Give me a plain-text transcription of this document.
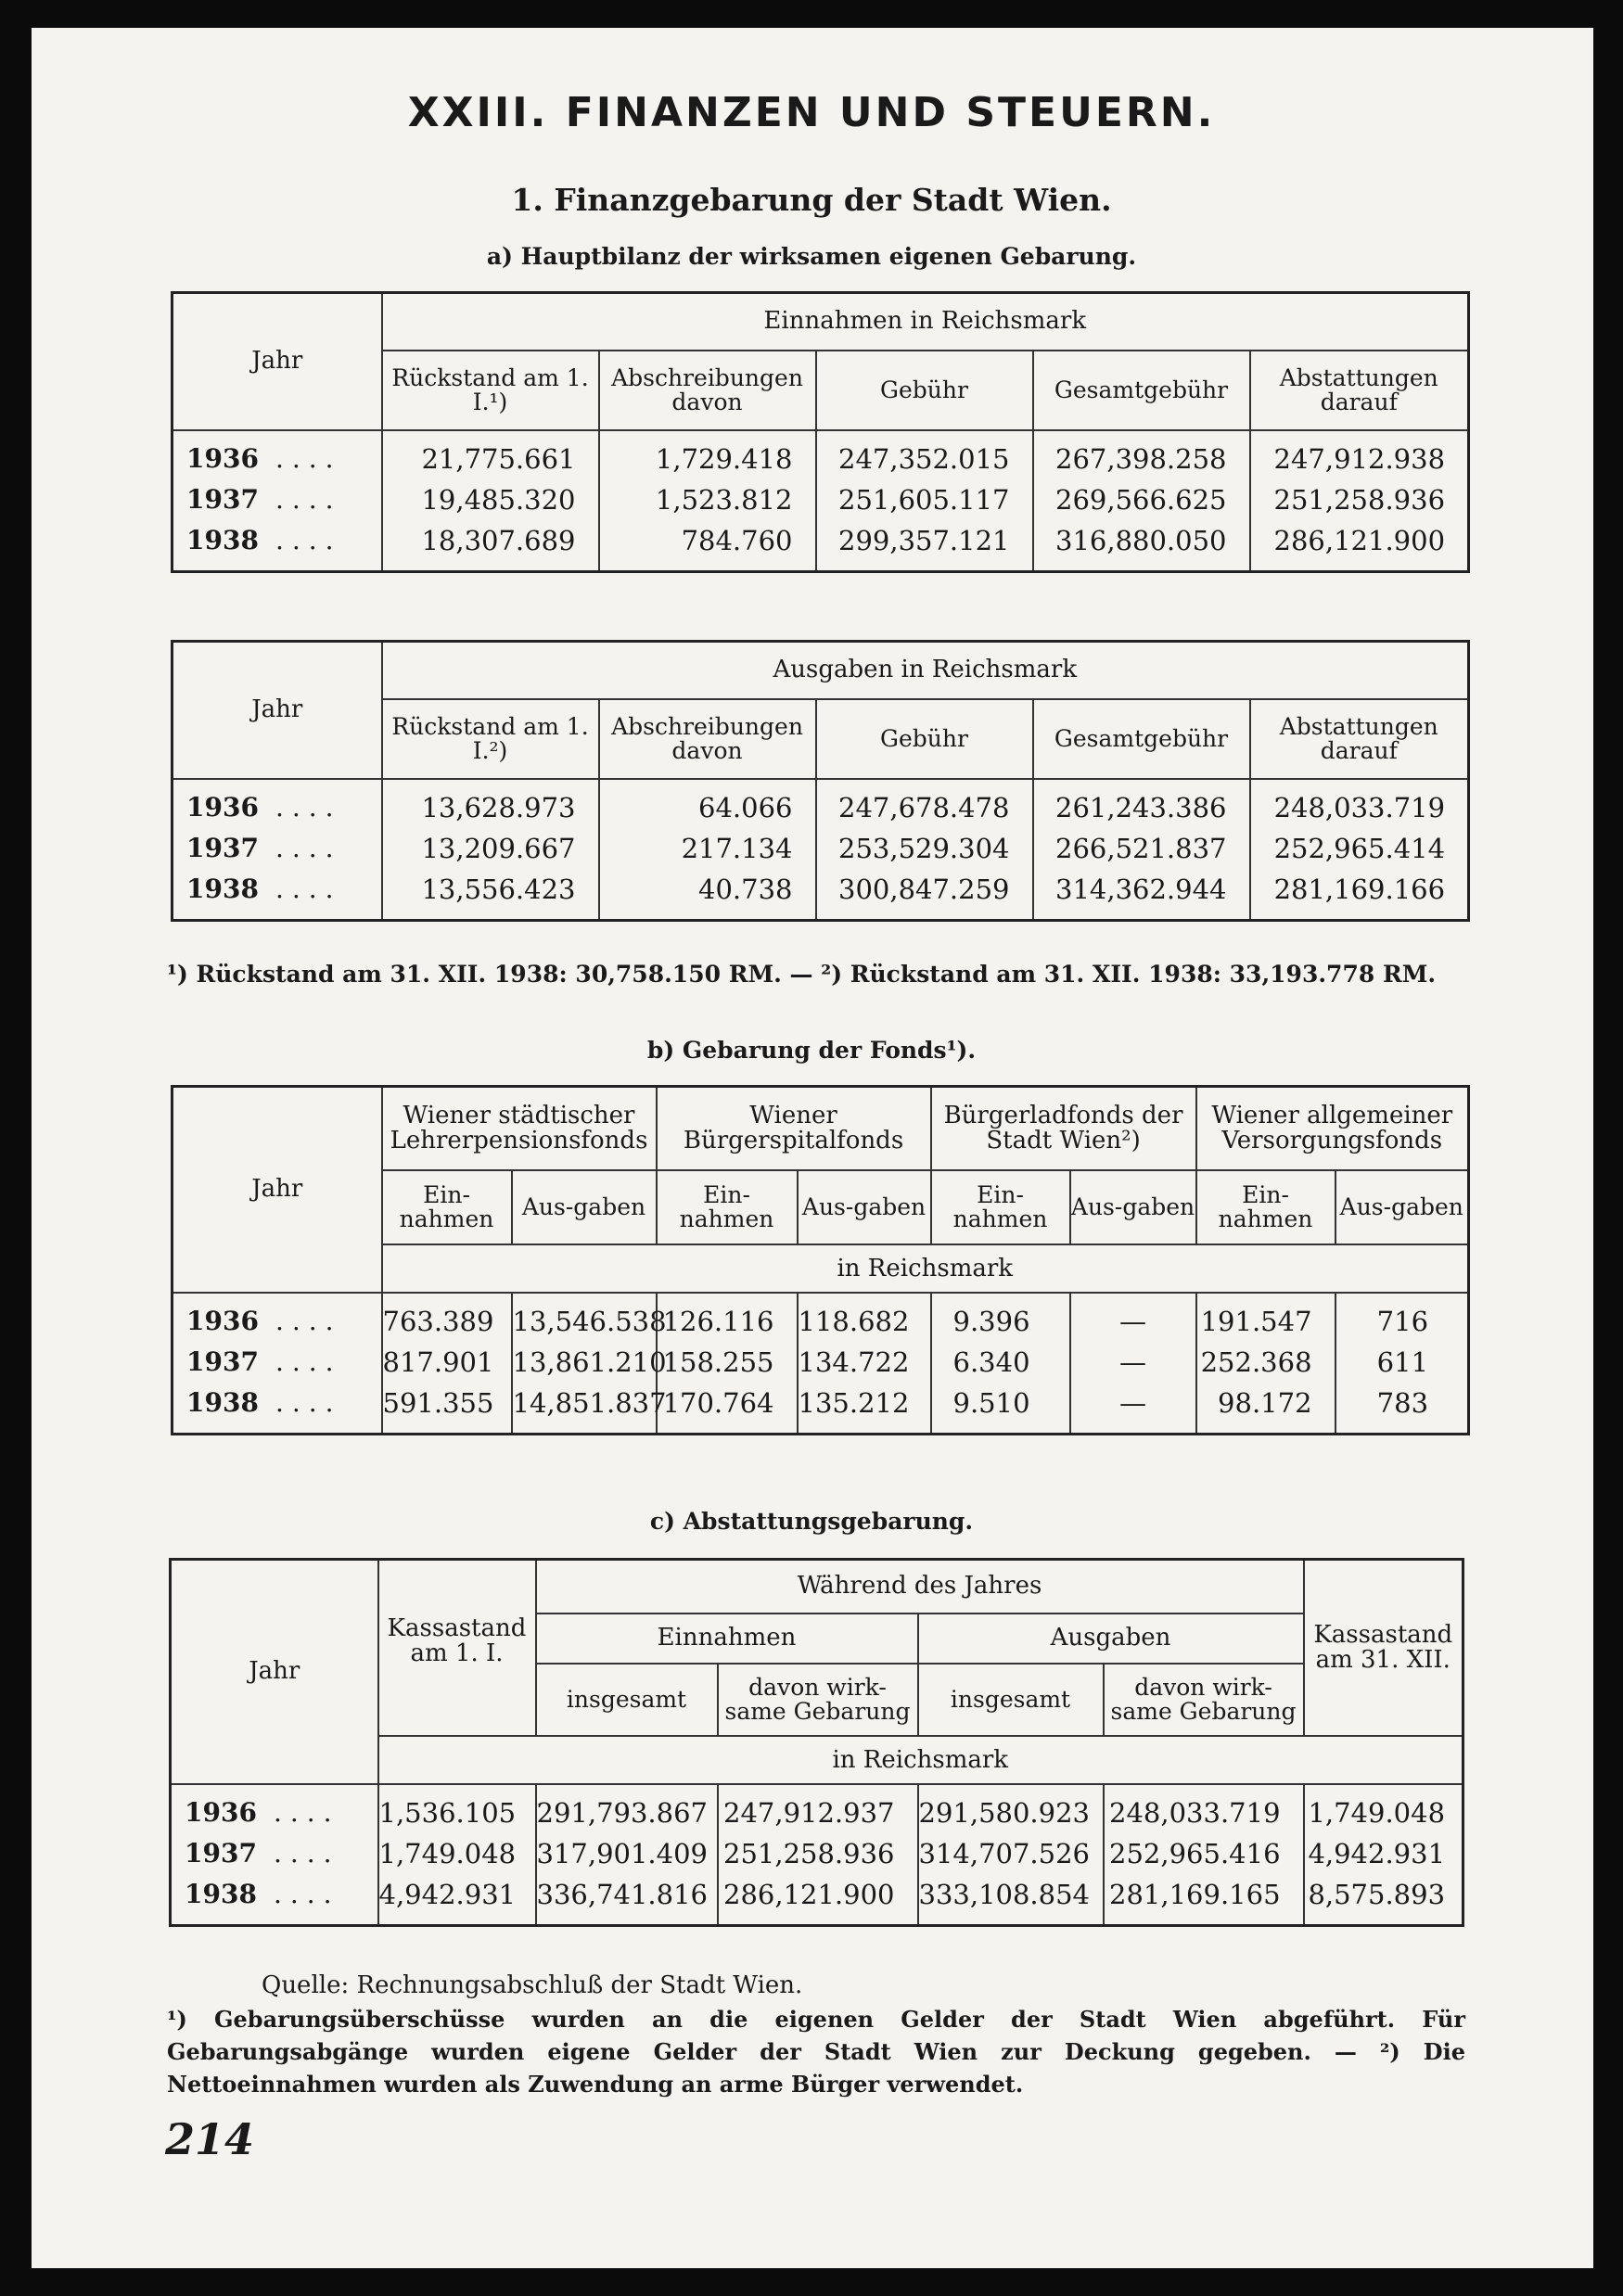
XXIII. FINANZEN UND STEUERN.
1. Finanzgebarung der Stadt Wien.
a) Hauptbilanz der wirksamen eigenen Gebarung.
Jahr	Einnahmen in Reichsmark				
	Rückstand am 1. I.¹)	Abschreibungen davon	Gebühr	Gesamtgebühr	Abstattungen darauf

1936 ....	21,775.661	1,729.418	247,352.015	267,398.258	247,912.938
1937 ....	19,485.320	1,523.812	251,605.117	269,566.625	251,258.936
1938 ....	18,307.689	784.760	299,357.121	316,880.050	286,121.900

Jahr	Ausgaben in Reichsmark				
	Rückstand am 1. I.²)	Abschreibungen davon	Gebühr	Gesamtgebühr	Abstattungen darauf

1936 ....	13,628.973	64.066	247,678.478	261,243.386	248,033.719
1937 ....	13,209.667	217.134	253,529.304	266,521.837	252,965.414
1938 ....	13,556.423	40.738	300,847.259	314,362.944	281,169.166

¹) Rückstand am 31. XII. 1938: 30,758.150 RM. — ²) Rückstand am 31. XII. 1938: 33,193.778 RM.
b) Gebarung der Fonds¹).
Jahr	Wiener städtischer Lehrerpensionsfonds		Wiener Bürgerspitalfonds		Bürgerladfonds der Stadt Wien²)		Wiener allgemeiner Versorgungsfonds	
	Ein-nahmen	Aus-gaben	Ein-nahmen	Aus-gaben	Ein-nahmen	Aus-gaben	Ein-nahmen	Aus-gaben
	in Reichsmark							

1936 ....	763.389	13,546.538	126.116	118.682	9.396	—	191.547	716
1937 ....	817.901	13,861.210	158.255	134.722	6.340	—	252.368	611
1938 ....	591.355	14,851.837	170.764	135.212	9.510	—	98.172	783

c) Abstattungsgebarung.
Jahr	Kassastand am 1. I.	Während des Jahres				Kassastand am 31. XII.
		Einnahmen		Ausgaben		
		insgesamt	davon wirk-same Gebarung	insgesamt	davon wirk-same Gebarung	
	in Reichsmark					

1936 ....	1,536.105	291,793.867	247,912.937	291,580.923	248,033.719	1,749.048
1937 ....	1,749.048	317,901.409	251,258.936	314,707.526	252,965.416	4,942.931
1938 ....	4,942.931	336,741.816	286,121.900	333,108.854	281,169.165	8,575.893

Quelle: Rechnungsabschluß der Stadt Wien.
¹) Gebarungsüberschüsse wurden an die eigenen Gelder der Stadt Wien abgeführt. Für Gebarungsabgänge wurden eigene Gelder der Stadt Wien zur Deckung gegeben. — ²) Die Nettoeinnahmen wurden als Zuwendung an arme Bürger verwendet.
214
